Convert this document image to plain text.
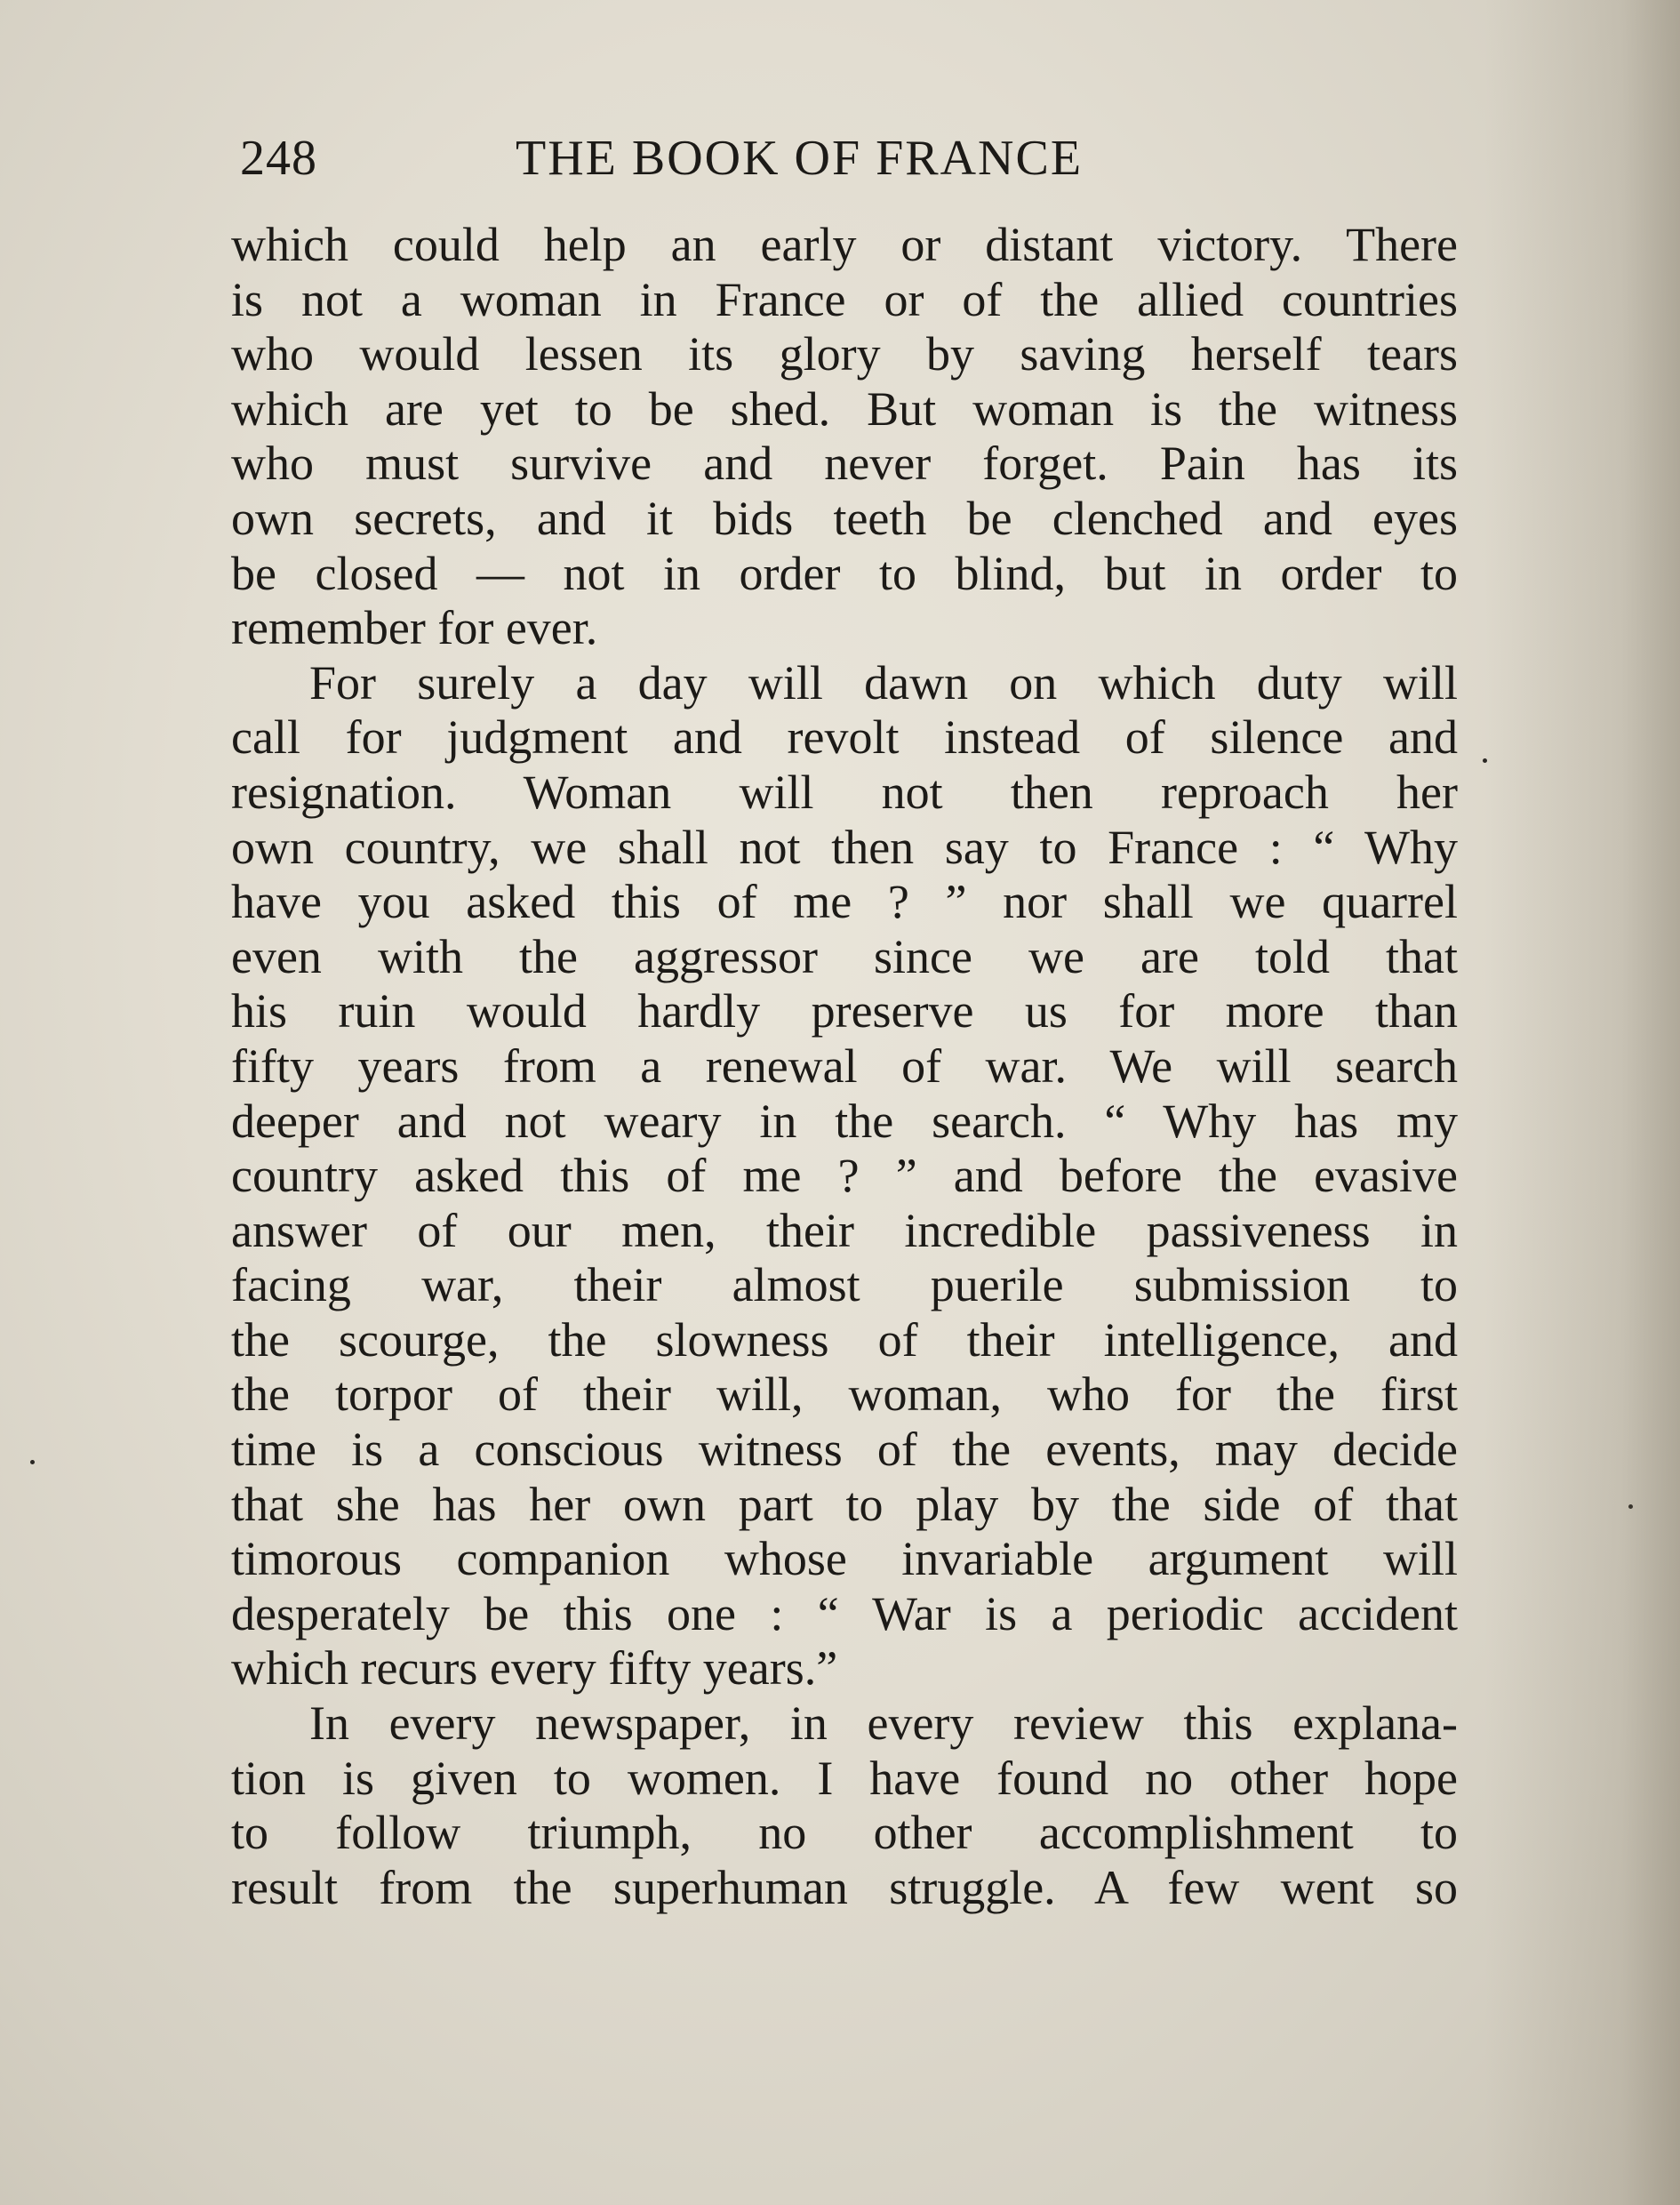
248	THE BOOK OF FRANCE
which could help an early or distant victory. There
is not a woman in France or of the allied countries
who would lessen its glory by saving herself tears
which are yet to be shed. But woman is the witness
who must survive and never forget. Pain has its
own secrets, and it bids teeth be clenched and eyes
be closed — not in order to blind, but in order to
remember for ever.
For surely a day will dawn on which duty will
call for judgment and revolt instead of silence and
resignation. Woman will not then reproach her
own country, we shall not then say to France : “ Why
have you asked this of me ? ” nor shall we quarrel
even with the aggressor since we are told that
his ruin would hardly preserve us for more than
fifty years from a renewal of war. We will search
deeper and not weary in the search. “ Why has my
country asked this of me ? ” and before the evasive
answer of our men, their incredible passiveness in
facing war, their almost puerile submission to
the scourge, the slowness of their intelligence, and
the torpor of their will, woman, who for the first
time is a conscious witness of the events, may decide
that she has her own part to play by the side of that
timorous companion whose invariable argument will
desperately be this one : “ War is a periodic accident
which recurs every fifty years.”
In every newspaper, in every review this explana-
tion is given to women. I have found no other hope
to follow triumph, no other accomplishment to
result from the superhuman struggle. A few went so
